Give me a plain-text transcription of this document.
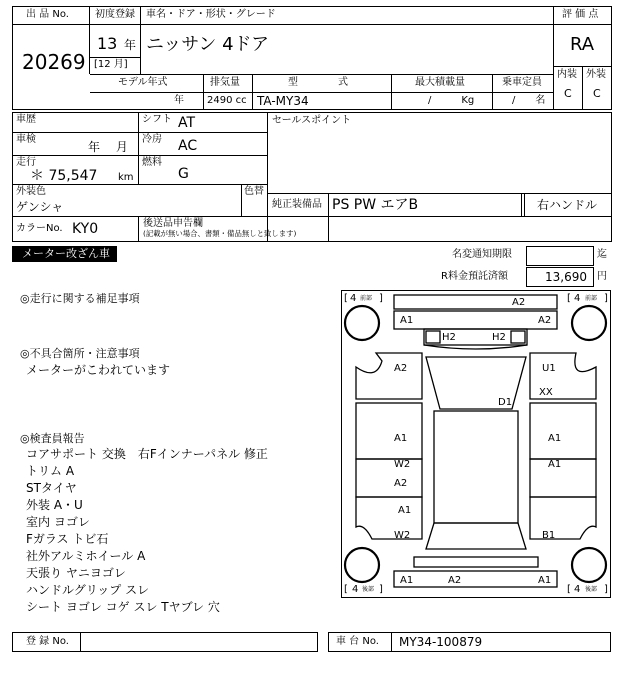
出 品 No.
20269
初度登録
13 年
[12 月]
車名・ドア・形状・グレード
ニッサン 4ドア
評 価 点
RA
内装 外装
C C
モデル年式
年
排気量
2490 cc
型　　　　式
TA-MY34
最大積載量
/　　　Kg
乗車定員
/　　名
車歴	シフト AT
車検
年　 月
冷房 AC
走行
＊ 75,547 km
燃料
G
外装色
ゲンシャ
色替
セールスポイント
純正装備品 PS PW エアB	右ハンドル
カラーNo. KY0	後送品申告欄
(記載が無い場合、書類・備品無しと致します)
メーター改ざん車	名変通知期限	迄
R料金預託済額	13,690 円
◎走行に関する補足事項
◎不具合箇所・注意事項
メーターがこわれています
◎検査員報告
コアサポート 交換　右Fインナーパネル 修正
トリム A
STタイヤ
外装 A・U
室内 ヨゴレ
Fガラス トビ石
社外アルミホイール A
天張り ヤニヨゴレ
ハンドルグリップ スレ
シート ヨゴレ コゲ スレ Tヤブレ 穴
[ 4 前部 ]	[ 4 前部 ]
[ 4 後部 ]	[ 4 後部 ]
A2
A1	A2
H2	H2
A2	U1
XX
D1
A1	A1
W2
A2
A1
A1
W2	B1
A1	A2	A1
登 録 No.	車 台 No. MY34-100879
